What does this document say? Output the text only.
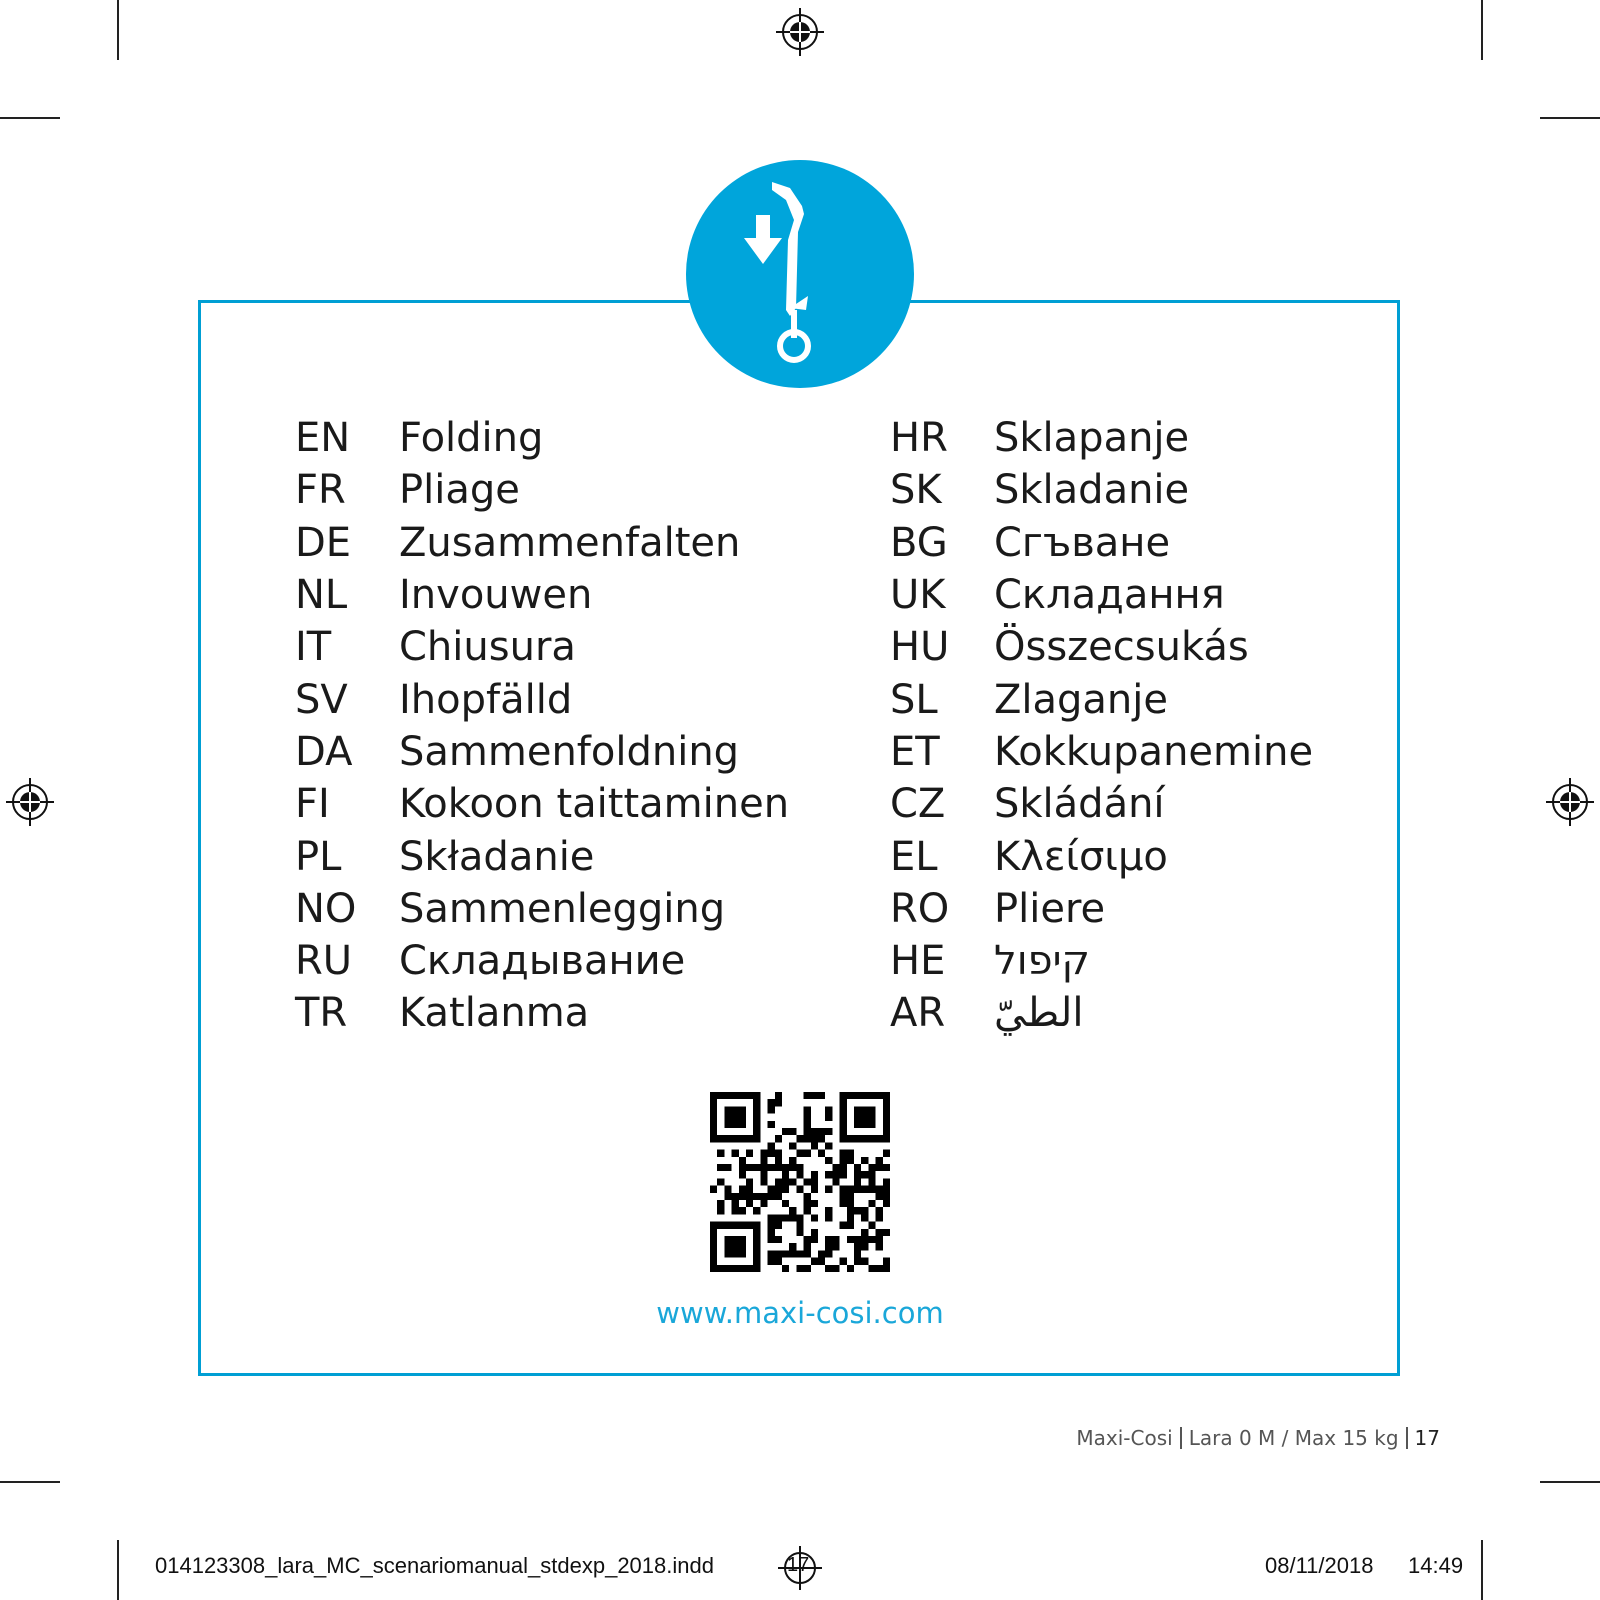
EN	Folding
FR	Pliage
DE	Zusammenfalten
NL	Invouwen
IT	Chiusura
SV	Ihopfälld
DA	Sammenfoldning
FI	Kokoon taittaminen
PL	Składanie
NO	Sammenlegging
RU	Складывание
TR	Katlanma
HR	Sklapanje
SK	Skladanie
BG	Сгъване
UK	Складання
HU	Összecsukás
SL	Zlaganje
ET	Kokkupanemine
CZ	Skládání
EL	Κλείσιμο
RO	Pliere
HE	קיפול
AR	الطيّ
www.maxi-cosi.com
Maxi-Cosi Lara 0 M / Max 15 kg 17
014123308_lara_MC_scenariomanual_stdexp_2018.indd	17	08/11/2018 14:49
